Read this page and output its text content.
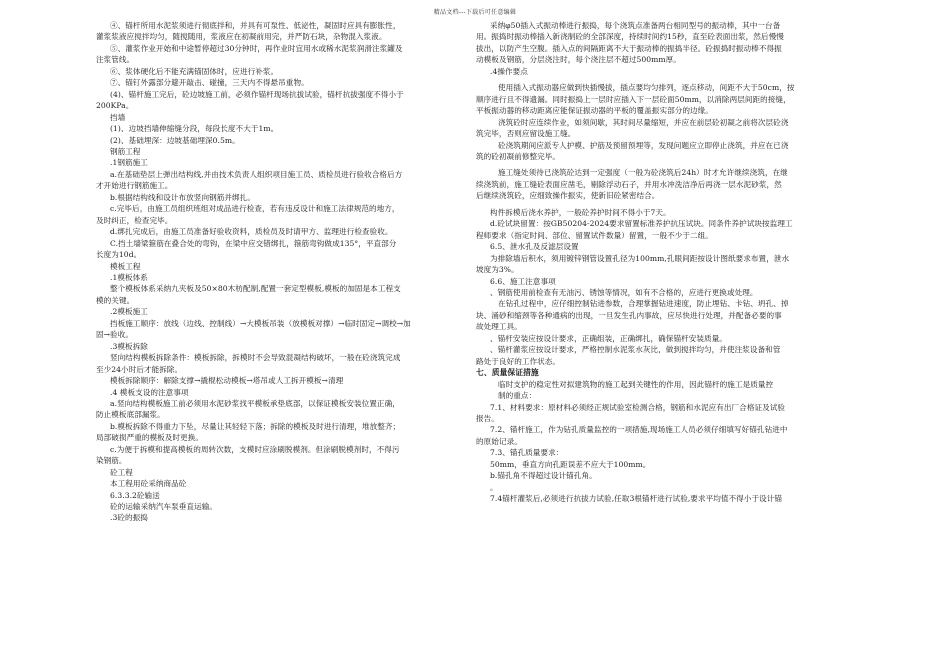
精品文档---下载后可任意编辑
④、锚杆所用水泥浆须进行彻底拌和，并具有可泵性、低泌性，凝固时应具有膨胀性，
灌浆浆液应搅拌均匀，随搅随用，浆液应在初凝前用完，并严防石块，杂物混入浆液。
⑤、灌浆作业开始和中途暂停超过30分钟时，再作业时宜用水或稀水泥浆润滑注浆罐及
注浆管线。
⑥、浆体硬化后不能充满锚固体时，应进行补浆。
⑦、锚钉外露部分避开敲击、碰撞，三天内不得悬吊重物。
(4)、锚杆施工完后，砼边坡施工前，必须作锚杆现场抗拔试验，锚杆抗拔强度不得小于
200KPa。
挡墙
(1)、边坡挡墙伸缩缝分段，每段长度不大于1m。
(2)、基础埋深：边坡基础埋深0.5m。
钢筋工程
.1钢筋施工
a.在基础垫层上弹出结构线,并由技术负责人组织项目施工员、质检员进行验收合格后方
才开始进行钢筋施工。
b.根据结构线和设计布放竖向钢筋并绑扎。
c.完毕后，由施工员组织班组对成品进行检查，若有违反设计和施工法律规范的地方，
及时纠正，检查完毕。
d.绑扎完成后，由施工员准备好验收资料，质检员及时请甲方、监理进行检查验收。
C.挡土墙梁箍筋在叠合处的弯钩，在梁中应交错绑扎，箍筋弯钩做成135°，平直部分
长度为10d。
模板工程
.1模板体系
整个模板体系采纳九夹板及50×80木枋配制,配置一套定型模板,模板的加固是本工程支
模的关键。
.2模板施工
挡板施工顺序：放线（边线、控制线）→大模板吊装（放模板对撑）→临时固定→调校→加
固→验收。
.3模板拆除
竖向结构模板拆除条件：模板拆除，拆模时不会导致混凝结构破坏，一般在砼浇筑完成
至少24小时后才能拆除。
模板拆除顺序：解除支撑→撬棍松动模板→塔吊或人工拆开模板→清理
.4 模板支设的注意事项
a.竖向结构模板施工前必须用水泥砂浆找平模板承垫底部，以保证模板安装位置正确，
防止模板底部漏浆。
b.模板拆除不得重力下坠，尽量让其轻轻下落；拆除的模板及时进行清理，堆放整齐；
局部破损严重的模板及时更换。
c.为便于拆模和提高模板的周转次数，支模时应涂刷脱模剂。但涂刷脱模剂时，不得污
染钢筋。
砼工程
本工程用砼采纳商品砼
6.3.3.2砼输送
砼的运输采纳汽车泵垂直运输。
.3砼的振捣
采纳φ50插入式振动棒进行振捣，每个浇筑点准备两台相同型号的振动棒，其中一台备
用。振捣时振动棒插入新浇制砼的全部深度，持续时间约15秒，直至砼表面出浆，然后慢慢
拔出，以防产生空腹。插入点的间隔距离不大于振动棒的振捣半径。砼振捣时振动棒不得振
动模板及钢筋，分层浇注时，每个浇注层不超过500mm厚。
.4操作要点
使用插入式振动器应做到快插慢拔，插点要均匀排列，逐点移动，间距不大于50cm，按
顺序进行且不得遗漏。同时振捣上一层时应插入下一层砼面50mm，以消除两层间距的接缝，
平板振动器的移动距离应能保证振动器的平板的覆盖振实部分的边缘。
浇筑砼时应连续作业，如须间歇，其时间尽量缩短，并应在前层砼初凝之前将次层砼浇
筑完毕，否则应留设施工缝。
砼浇筑期间应派专人护模、护筋及预留预埋等，发现问题应立即停止浇筑，并应在已浇
筑的砼初凝前修整完毕。
施工缝处须待已浇筑砼达到一定强度（一般为砼浇筑后24h）时才允许继续浇筑，在继
续浇筑前，施工缝砼表面应凿毛，剔除浮动石子，并用水冲洗洁净后再浇一层水泥砂浆，然
后继续浇筑砼，应细致操作振实，使新旧砼紧密结合。
构件拆模后浇水养护，一般砼养护时间不得小于7天。
d.砼试块留置：按GB50204-2024要求留置标准养护抗压试块。同条件养护试块按监理工
程师要求（指定时间、部位、留置试件数量）留置，一般不少于二组。
6.5、泄水孔及反滤层设置
为排除墙后积水，须用镀锌钢管设置孔径为100mm,孔眼间距按设计图纸要求布置，泄水
坡度为3%。
6.6、施工注意事项
、钢筋使用前检查有无油污、锈蚀等情况，如有不合格的，应进行更换或处理。
在钻孔过程中，应仔细控制钻进参数，合理掌握钻进速度，防止埋钻、卡钻、坍孔、掉
块、涌砂和缩颈等各种通病的出现，一旦发生孔内事故，应尽快进行处理，并配备必要的事
故处理工具。
、锚杆安装应按设计要求，正确组装，正确绑扎，确保锚杆安装质量。
、锚杆灌浆应按设计要求，严格控制水泥浆水灰比，做到搅拌均匀，并使注浆设备和管
路处于良好的工作状态。
七、质量保证措施
临时支护的稳定性对拟建筑物的施工起到关键性的作用，因此锚杆的施工是质量控
制的重点：
7.1、材料要求：原材料必须经正规试验室检测合格，钢筋和水泥应有出厂合格证及试验
报告。
7.2、锚杆施工，作为钻孔质量监控的一项措施,现场施工人员必须仔细填写好锚孔钻进中
的原始记录。
7.3、锚孔质量要求：
50mm，垂直方向孔距误差不应大于100mm。
b.锚孔角不得超过设计锚孔角。
。
7.4锚杆灌浆后,必须进行抗拔力试验,任取3根锚杆进行试验,要求平均值不得小于设计锚
